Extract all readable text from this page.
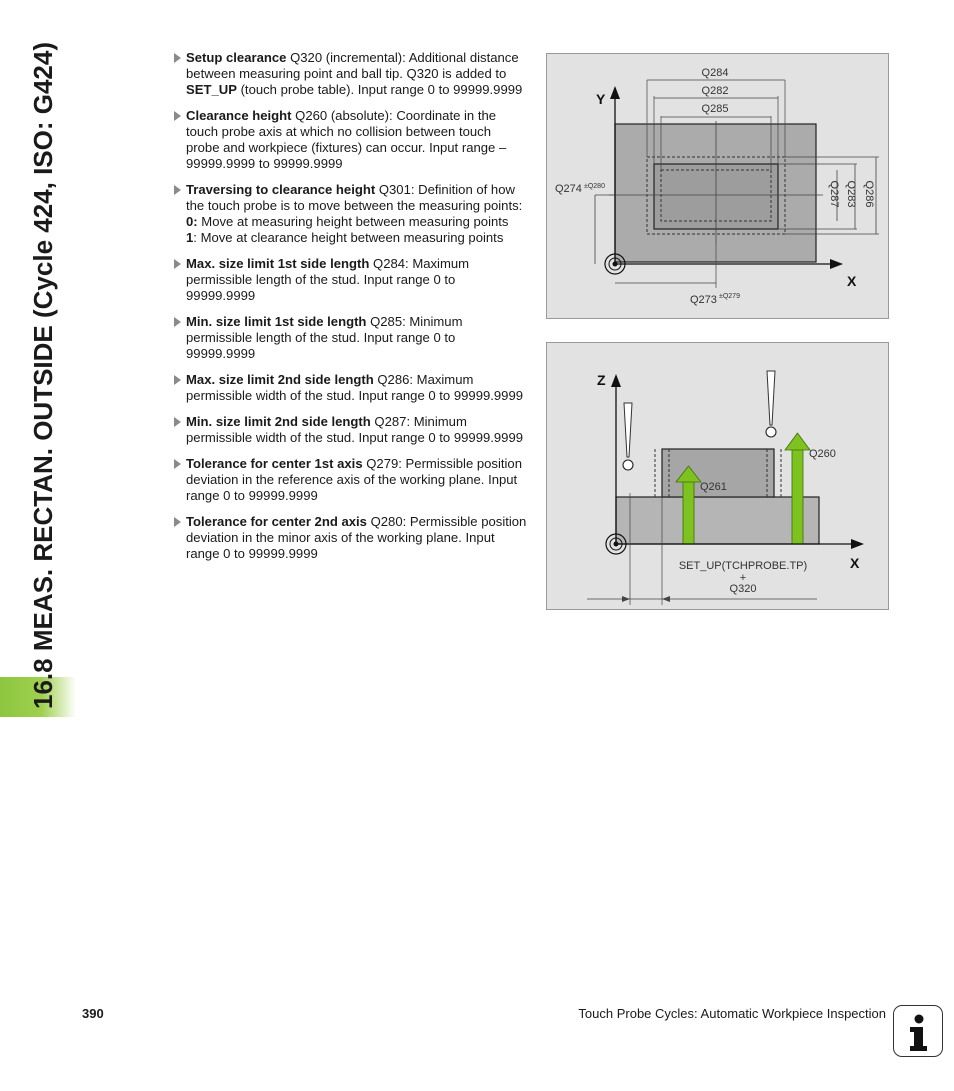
16.8 MEAS. RECTAN. OUTSIDE (Cycle 424, ISO: G424)	Setup clearance Q320 (incremental): Additional distance between measuring point and ball tip. Q320 is added to SET_UP (touch probe table). Input range 0 to 99999.9999
Clearance height Q260 (absolute): Coordinate in the touch probe axis at which no collision between touch probe and workpiece (fixtures) can occur. Input range –99999.9999 to 99999.9999
Traversing to clearance height Q301: Definition of how the touch probe is to move between the measuring points:
0: Move at measuring height between measuring points
1: Move at clearance height between measuring points
Max. size limit 1st side length Q284: Maximum permissible length of the stud. Input range 0 to 99999.9999
Min. size limit 1st side length Q285: Minimum permissible length of the stud. Input range 0 to 99999.9999
Max. size limit 2nd side length Q286: Maximum permissible width of the stud. Input range 0 to 99999.9999
Min. size limit 2nd side length Q287: Minimum permissible width of the stud. Input range 0 to 99999.9999
Tolerance for center 1st axis Q279: Permissible position deviation in the reference axis of the working plane. Input range 0 to 99999.9999
Tolerance for center 2nd axis Q280: Permissible position deviation in the minor axis of the working plane. Input range 0 to 99999.9999
Q284
Q282
Q285
Q287 Q283 Q286
Y
X
Q274 ±Q280
Q273 ±Q279
Q261
Q260
Z
X
SET_UP(TCHPROBE.TP)
+
Q320
390	Touch Probe Cycles: Automatic Workpiece Inspection
